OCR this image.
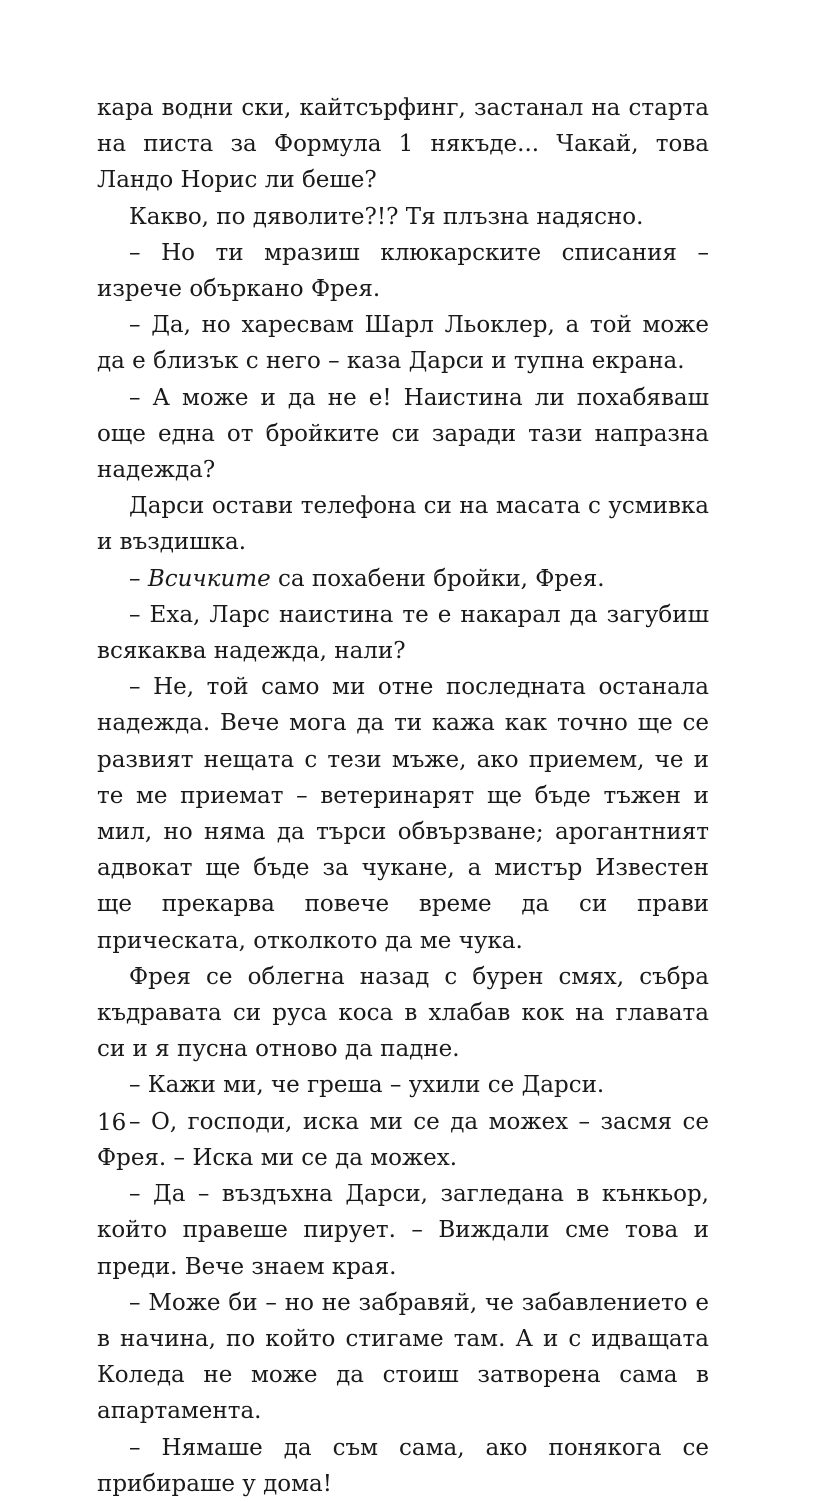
кара водни ски, кайтсърфинг, застанал на старта на писта за Формула 1 някъде... Чакай, това Ландо Норис ли беше?

Какво, по дяволите?!? Тя плъзна надясно.

– Но ти мразиш клюкарските списания – изрече объркано Фрея.

– Да, но харесвам Шарл Льоклер, а той може да е близък с него – каза Дарси и тупна екрана.

– А може и да не е! Наистина ли похабяваш още една от бройките си заради тази напразна надежда?

Дарси остави телефона си на масата с усмивка и въздишка.

– Всичките са похабени бройки, Фрея.

– Еха, Ларс наистина те е накарал да загубиш всякаква надежда, нали?

– Не, той само ми отне последната останала надежда. Вече мога да ти кажа как точно ще се развият нещата с тези мъже, ако приемем, че и те ме приемат – ветеринарят ще бъде тъжен и мил, но няма да търси обвързване; арогантният адвокат ще бъде за чукане, а мистър Известен ще прекарва повече време да си прави прическата, отколкото да ме чука.

Фрея се облегна назад с бурен смях, събра къдравата си руса коса в хлабав кок на главата си и я пусна отново да падне.

– Кажи ми, че греша – ухили се Дарси.

– О, господи, иска ми се да можех – засмя се Фрея. – Иска ми се да можех.

– Да – въздъхна Дарси, загледана в кънкьор, който правеше пирует. – Виждали сме това и преди. Вече знаем края.

– Може би – но не забравяй, че забавлението е в начина, по който стигаме там. А и с идващата Коледа не може да стоиш затворена сама в апартамента.

– Нямаше да съм сама, ако понякога се прибираше у дома!

16
